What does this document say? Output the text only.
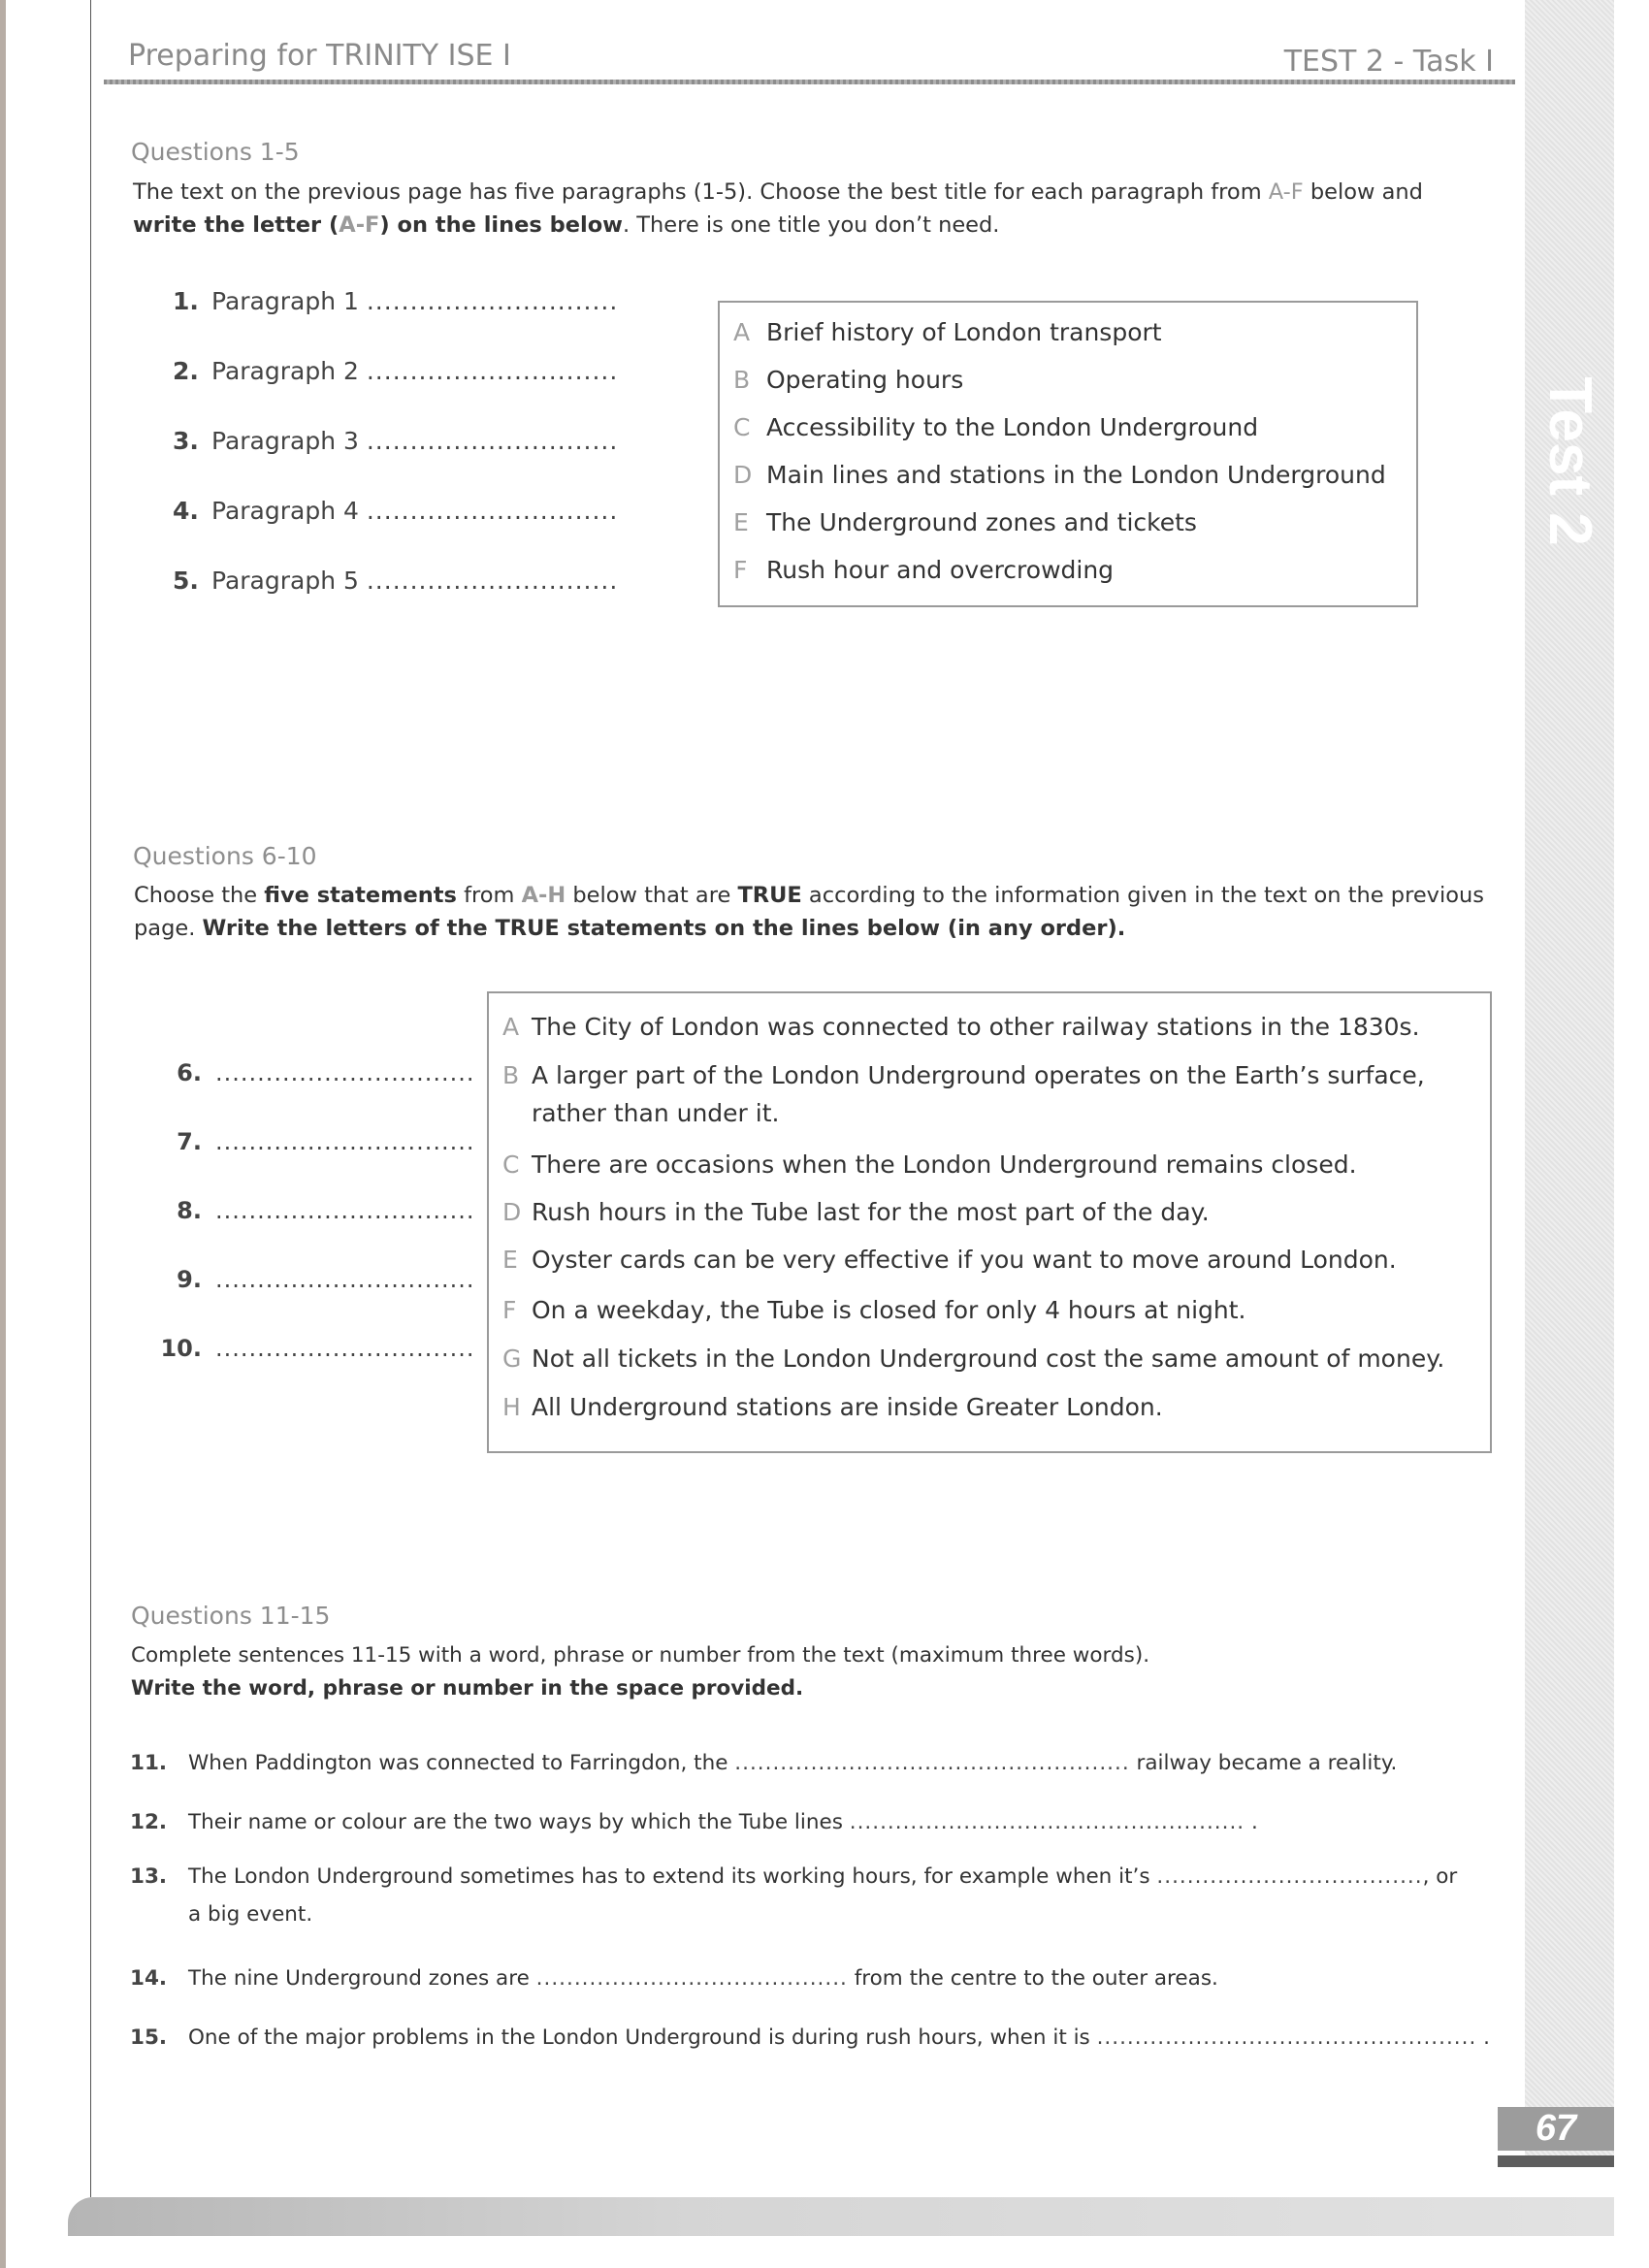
Test 2
Preparing for TRINITY ISE I	TEST 2 - Task I
Questions 1-5
The text on the previous page has five paragraphs (1-5). Choose the best title for each paragraph from A-F below and
write the letter (A-F) on the lines below. There is one title you don’t need.
1. Paragraph 1 .............................
2. Paragraph 2 .............................
3. Paragraph 3 .............................
4. Paragraph 4 .............................
5. Paragraph 5 .............................
A Brief history of London transport
B Operating hours
C Accessibility to the London Underground
D Main lines and stations in the London Underground
E The Underground zones and tickets
F Rush hour and overcrowding
Questions 6-10
Choose the five statements from A-H below that are TRUE according to the information given in the text on the previous
page. Write the letters of the TRUE statements on the lines below (in any order).
6. ...............................
7. ...............................
8. ...............................
9. ...............................
10. ...............................
A The City of London was connected to other railway stations in the 1830s.
B A larger part of the London Underground operates on the Earth’s surface,
rather than under it.
C There are occasions when the London Underground remains closed.
D Rush hours in the Tube last for the most part of the day.
E Oyster cards can be very effective if you want to move around London.
F On a weekday, the Tube is closed for only 4 hours at night.
G Not all tickets in the London Underground cost the same amount of money.
H All Underground stations are inside Greater London.
Questions 11-15
Complete sentences 11-15 with a word, phrase or number from the text (maximum three words).
Write the word, phrase or number in the space provided.
11. When Paddington was connected to Farringdon, the .................................................... railway became a reality.
12. Their name or colour are the two ways by which the Tube lines .................................................... .
13. The London Underground sometimes has to extend its working hours, for example when it’s ..................................., or
a big event.
14. The nine Underground zones are ......................................... from the centre to the outer areas.
15. One of the major problems in the London Underground is during rush hours, when it is .................................................. .
67
